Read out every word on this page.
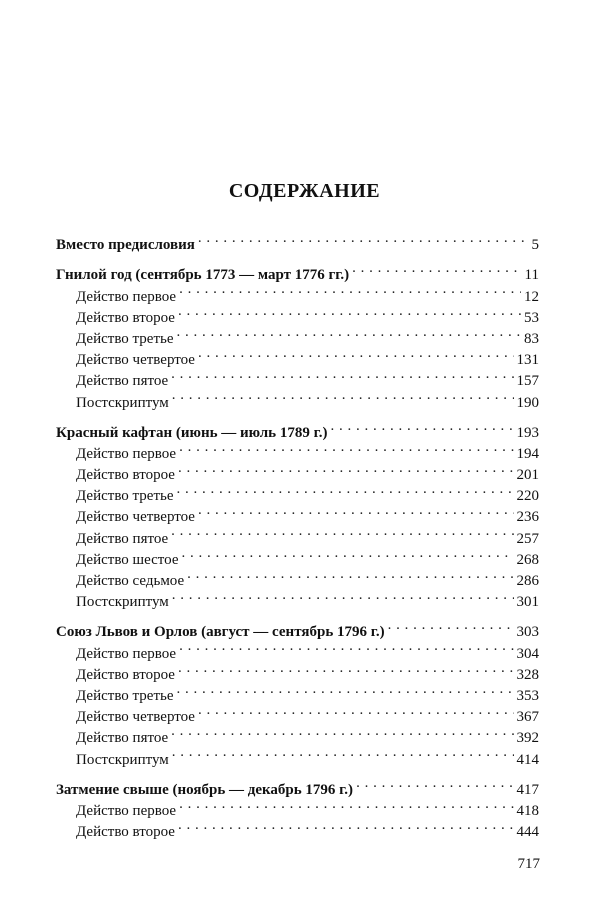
СОДЕРЖАНИЕ
Вместо предисловия . . .	5
Гнилой год (сентябрь 1773 — март 1776 гг.) . . .	11
Действо первое . . .	12
Действо второе . . .	53
Действо третье . . .	83
Действо четвертое . . .	131
Действо пятое . . .	157
Постскриптум . . .	190
Красный кафтан (июнь — июль 1789 г.) . . .	193
Действо первое . . .	194
Действо второе . . .	201
Действо третье . . .	220
Действо четвертое . . .	236
Действо пятое . . .	257
Действо шестое . . .	268
Действо седьмое . . .	286
Постскриптум . . .	301
Союз Львов и Орлов (август — сентябрь 1796 г.) . . .	303
Действо первое . . .	304
Действо второе . . .	328
Действо третье . . .	353
Действо четвертое . . .	367
Действо пятое . . .	392
Постскриптум . . .	414
Затмение свыше (ноябрь — декабрь 1796 г.) . . .	417
Действо первое . . .	418
Действо второе . . .	444
717
